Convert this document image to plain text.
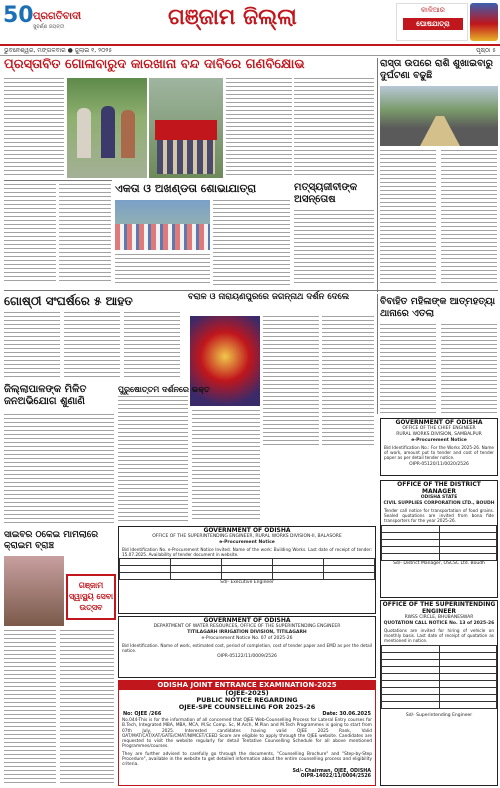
50 ପ୍ରଗତିବାଦୀ
ସୁବର୍ଣ୍ଣ ଜୟନ୍ତୀ	ଗଞ୍ଜାମ ଜିଲ୍ଲା	କାଳିଆର
ଘୋଷଯାତ୍ରା
ଭୁବନେଶ୍ୱର, ମଙ୍ଗଳବାର ● ଜୁଲାଇ ୧, ୨୦୨୫	ପୃଷ୍ଠା ୫
ପ୍ରସ୍ତାବିତ ଗୋଳାବାରୁଦ କାରଖାନା ବନ୍ଦ ଦାବିରେ ଗଣବିକ୍ଷୋଭ
ଏକତା ଓ ଅଖଣ୍ଡତା ଶୋଭାଯାତ୍ରା	ମତ୍ସ୍ୟଜୀବୀଙ୍କ ଅସନ୍ତୋଷ
ରାସ୍ତା ଉପରେ ରାଶି ଶୁଖାଇବାରୁ ଦୁର୍ଘଟଣା ବଢୁଛି
ଗୋଷ୍ଠୀ ସଂଘର୍ଷରେ ୫ ଆହତ	ବରାଳ ଓ ନାରାୟଣପୁରରେ ଜଗନ୍ନାଥ ଦର୍ଶନ ଦେଲେ
ପୁରୁଷୋତ୍ତମ ଦର୍ଶନରେ ଭକ୍ତ
ବିବାହିତ ମହିଳାଙ୍କ ଆତ୍ମହତ୍ୟା ଥାନାରେ ଏତଲା
ଜିଲ୍ଲାପାଳଙ୍କ ମିଳିତ ଜନଅଭିଯୋଗ ଶୁଣାଣି
GOVERNMENT OF ODISHA
OFFICE OF THE CHIEF ENGINEER
RURAL WORKS DIVISION, SAMBALPUR
e-Procurement Notice
Bid Identification No.: For the Works 2025-26. Name of work, amount put to tender and cost of tender paper as per detail tender notice.
OIPR-05120/11/0020/2526
GOVERNMENT OF ODISHA
OFFICE OF THE SUPERINTENDING ENGINEER, RURAL WORKS DIVISION-II, BALASORE
e-Procurement Notice
Bid Identification No. e-Procurement Notice Invited. Name of the work: Building Works. Last date of receipt of tender: 15.07.2025. Availability of tender document in website.

Sd/- Executive Engineer
GOVERNMENT OF ODISHA
DEPARTMENT OF WATER RESOURCES, OFFICE OF THE SUPERINTENDING ENGINEER
TITILAGARH IRRIGATION DIVISION, TITILAGARH
e-Procurement Notice No. 07 of 2025-26
Bid Identification. Name of work, estimated cost, period of completion, cost of tender paper and EMD as per the detail notice.
OIPR-05122/11/0009/2526
OFFICE OF THE DISTRICT MANAGER
ODISHA STATE
CIVIL SUPPLIES CORPORATION LTD., BOUDH
Tender call notice for transportation of food grains. Sealed quotations are invited from bona fide transporters for the year 2025-26.

Sd/- District Manager, OSCSC Ltd. Boudh
OFFICE OF THE SUPERINTENDING ENGINEER
RWSS CIRCLE, BHUBANESWAR
QUOTATION CALL NOTICE No. 13 of 2025-26
Quotations are invited for hiring of vehicle on monthly basis. Last date of receipt of quotation as mentioned in notice.

Sd/- Superintending Engineer
ସାଇବର ଠକେଇ ମାମଲାରେ କ୍ରାଇମ ବ୍ରାଞ୍ଚ
ଗଞ୍ଜାମ ସ୍ୱାସ୍ଥ୍ୟ ସେବା ଉତ୍ସବ
ODISHA JOINT ENTRANCE EXAMINATION-2025
(OJEE-2025)
PUBLIC NOTICE REGARDING
OJEE-SPE COUNSELLING FOR 2025-26
No: OJEE /266	Date: 30.06.2025
No.044-This is for the information of all concerned that OJEE Web-Counselling Process for Lateral Entry courses for B.Tech, Integrated MBA, MBA, MCA, M.Sc Comp. Sc, M.Arch, M.Plan and M.Tech Programmes is going to start from 07th July, 2025. Interested candidates having valid OJEE 2025 Rank, Valid OAT/MAT/CAT/XAT/GATE/CMAT/NIMCET/CEED Score are eligible to apply through the OJEE website. Candidates are requested to visit the website regularly for detail Tentative Counselling Schedule for all above mentioned Programmes/courses.
They are further advised to carefully go through the documents, "Counselling Brochure" and "Step-by-Step Procedure", available in the website to get detailed information about the entire counselling process and eligibility criteria.
Sd/- Chairman, OJEE, ODISHA
OIPR-14022/11/0004/2526
